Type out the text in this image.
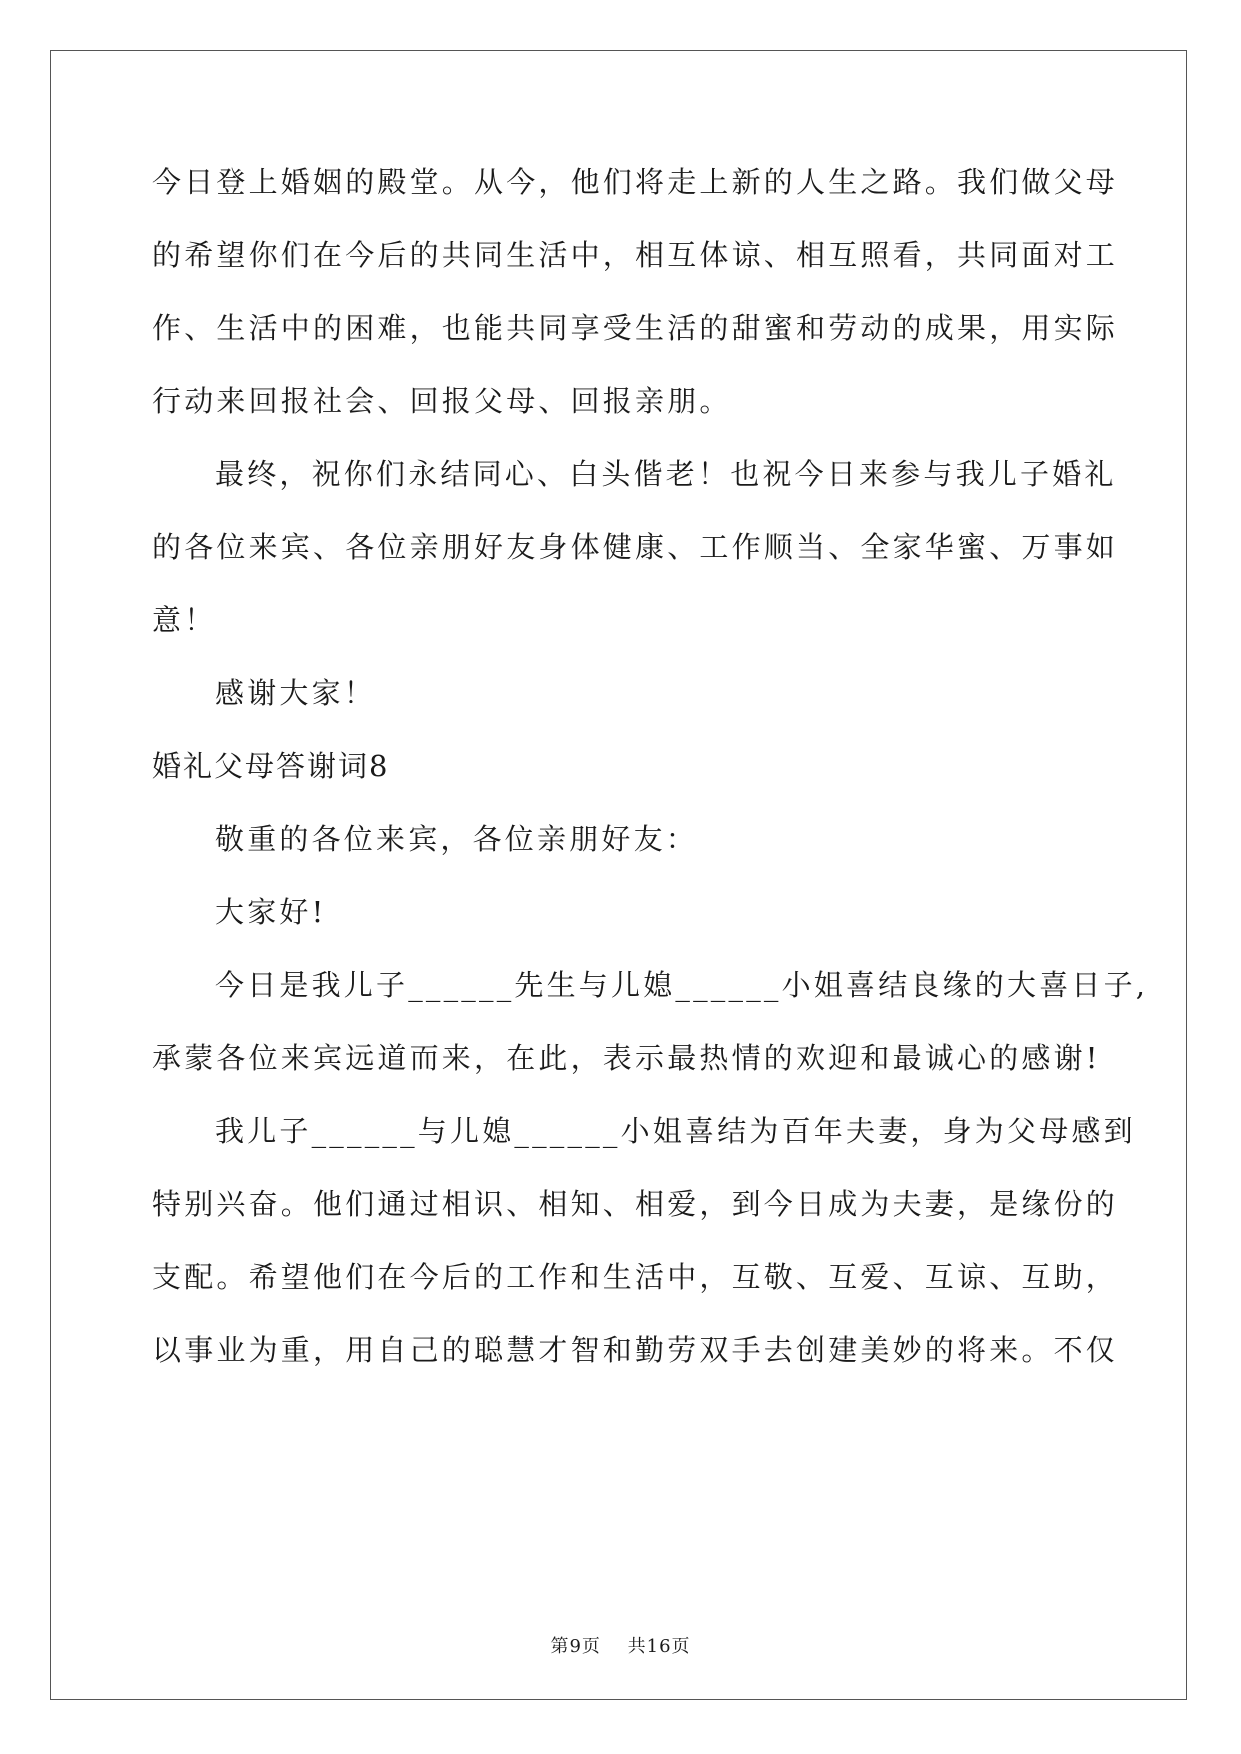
今日登上婚姻的殿堂。从今，他们将走上新的人生之路。我们做父母
的希望你们在今后的共同生活中，相互体谅、相互照看，共同面对工
作、生活中的困难，也能共同享受生活的甜蜜和劳动的成果，用实际
行动来回报社会、回报父母、回报亲朋。
最终，祝你们永结同心、白头偕老！也祝今日来参与我儿子婚礼
的各位来宾、各位亲朋好友身体健康、工作顺当、全家华蜜、万事如
意！
感谢大家！
婚礼父母答谢词8
敬重的各位来宾，各位亲朋好友：
大家好!
今日是我儿子______先生与儿媳______小姐喜结良缘的大喜日子,
承蒙各位来宾远道而来，在此，表示最热情的欢迎和最诚心的感谢!
我儿子______与儿媳______小姐喜结为百年夫妻，身为父母感到
特别兴奋。他们通过相识、相知、相爱，到今日成为夫妻，是缘份的
支配。希望他们在今后的工作和生活中，互敬、互爱、互谅、互助，
以事业为重，用自己的聪慧才智和勤劳双手去创建美妙的将来。不仅
第9页 共16页
